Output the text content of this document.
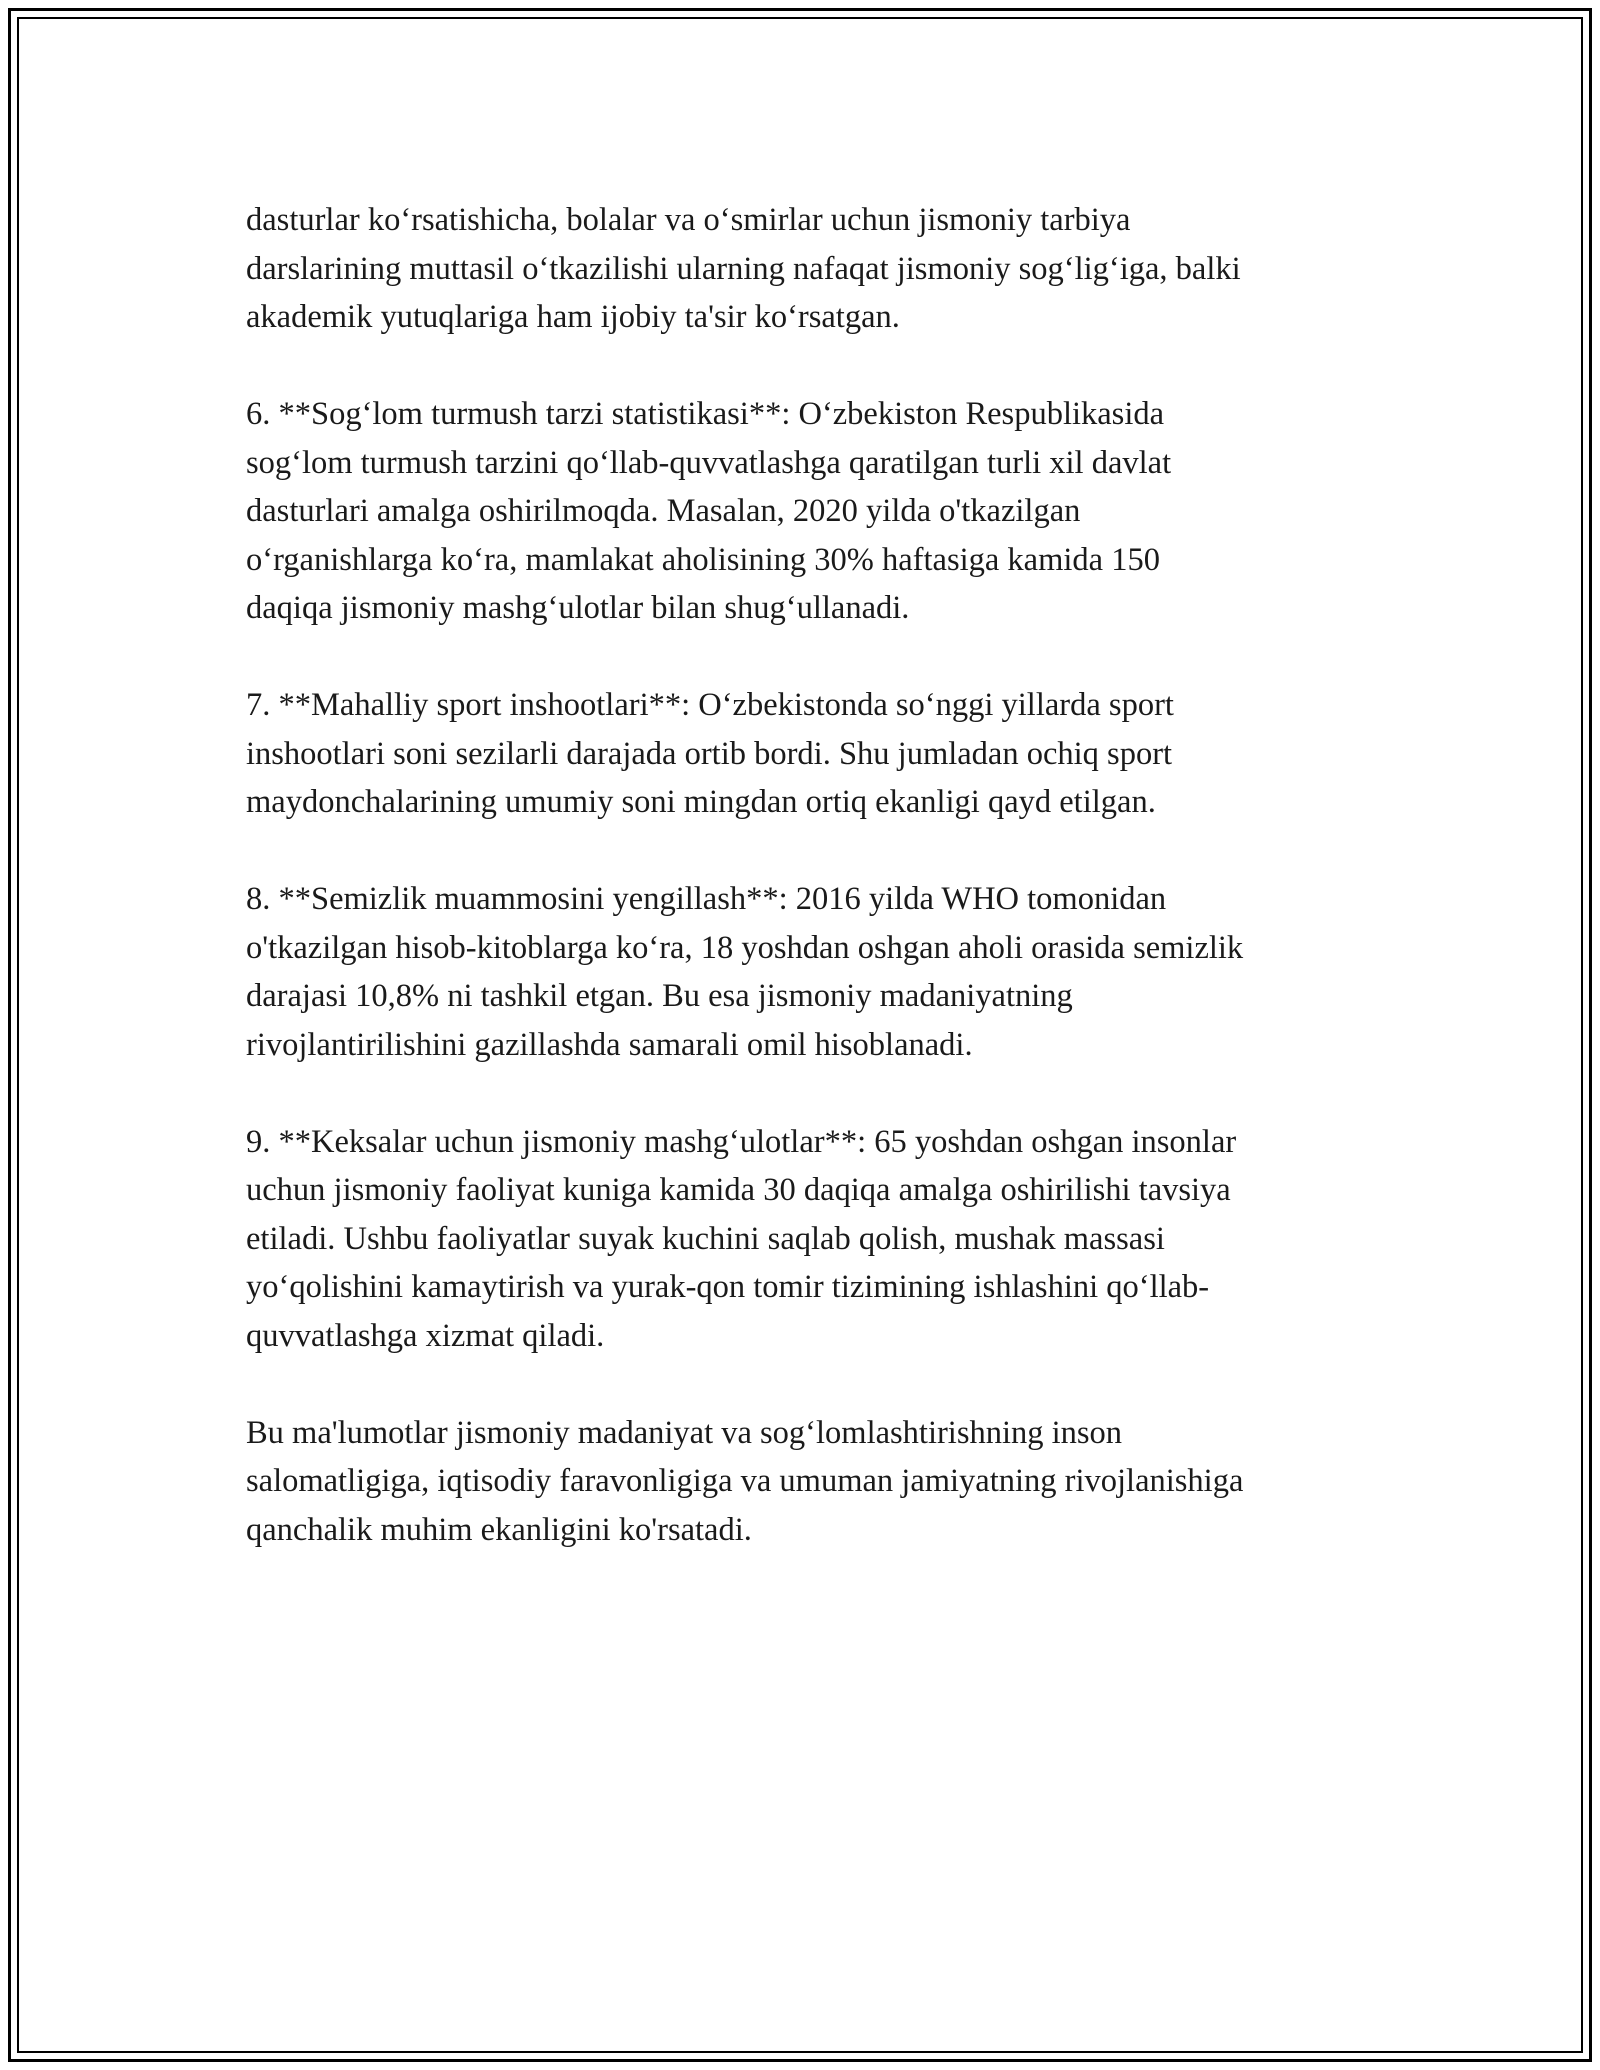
dasturlar koʻrsatishicha, bolalar va oʻsmirlar uchun jismoniy tarbiya
darslarining muttasil oʻtkazilishi ularning nafaqat jismoniy sogʻligʻiga, balki
akademik yutuqlariga ham ijobiy ta'sir koʻrsatgan.

6. **Sogʻlom turmush tarzi statistikasi**: Oʻzbekiston Respublikasida
sogʻlom turmush tarzini qoʻllab-quvvatlashga qaratilgan turli xil davlat
dasturlari amalga oshirilmoqda. Masalan, 2020 yilda o'tkazilgan
oʻrganishlarga koʻra, mamlakat aholisining 30% haftasiga kamida 150
daqiqa jismoniy mashgʻulotlar bilan shugʻullanadi.

7. **Mahalliy sport inshootlari**: Oʻzbekistonda soʻnggi yillarda sport
inshootlari soni sezilarli darajada ortib bordi. Shu jumladan ochiq sport
maydonchalarining umumiy soni mingdan ortiq ekanligi qayd etilgan.

8. **Semizlik muammosini yengillash**: 2016 yilda WHO tomonidan
o'tkazilgan hisob-kitoblarga koʻra, 18 yoshdan oshgan aholi orasida semizlik
darajasi 10,8% ni tashkil etgan. Bu esa jismoniy madaniyatning
rivojlantirilishini gazillashda samarali omil hisoblanadi.

9. **Keksalar uchun jismoniy mashgʻulotlar**: 65 yoshdan oshgan insonlar
uchun jismoniy faoliyat kuniga kamida 30 daqiqa amalga oshirilishi tavsiya
etiladi. Ushbu faoliyatlar suyak kuchini saqlab qolish, mushak massasi
yoʻqolishini kamaytirish va yurak-qon tomir tizimining ishlashini qoʻllab-
quvvatlashga xizmat qiladi.

Bu ma'lumotlar jismoniy madaniyat va sogʻlomlashtirishning inson
salomatligiga, iqtisodiy faravonligiga va umuman jamiyatning rivojlanishiga
qanchalik muhim ekanligini ko'rsatadi.
